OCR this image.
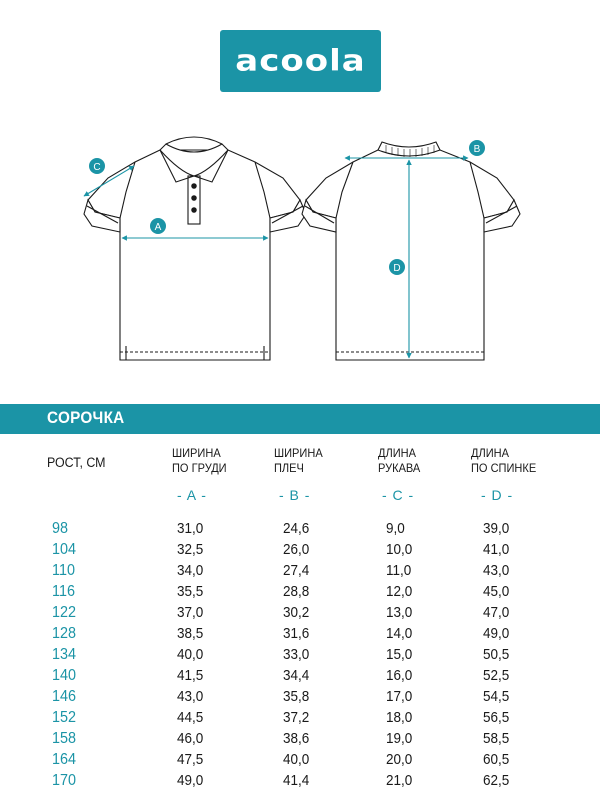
acoola
A
B
C
D
СОРОЧКА
РОСТ, СМ
ШИРИНА
ПО ГРУДИ
ШИРИНА
ПЛЕЧ
ДЛИНА
РУКАВА
ДЛИНА
ПО СПИНКЕ
- A -	- B -	- C -	- D -
98	31,0	24,6	9,0	39,0
104	32,5	26,0	10,0	41,0
110	34,0	27,4	11,0	43,0
116	35,5	28,8	12,0	45,0
122	37,0	30,2	13,0	47,0
128	38,5	31,6	14,0	49,0
134	40,0	33,0	15,0	50,5
140	41,5	34,4	16,0	52,5
146	43,0	35,8	17,0	54,5
152	44,5	37,2	18,0	56,5
158	46,0	38,6	19,0	58,5
164	47,5	40,0	20,0	60,5
170	49,0	41,4	21,0	62,5
